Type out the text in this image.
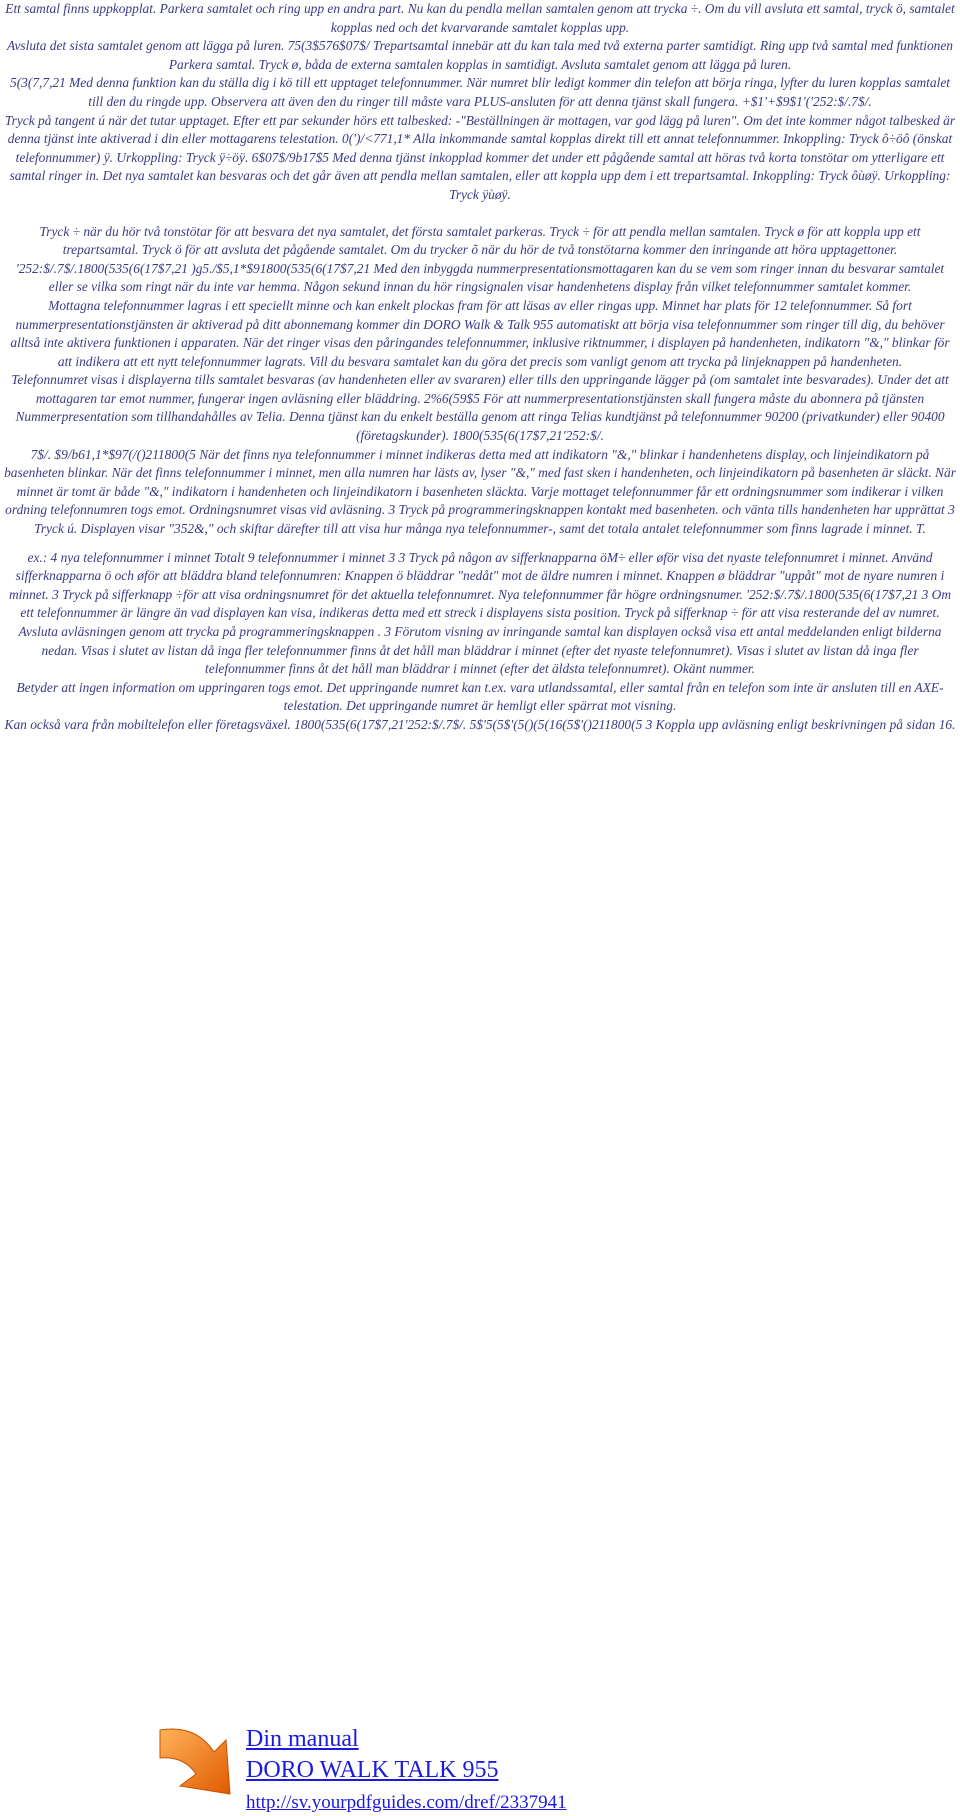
Ett samtal finns uppkopplat. Parkera samtalet och ring upp en andra part. Nu kan du pendla mellan samtalen genom att trycka ÷. Om du vill avsluta ett samtal, tryck ö, samtalet kopplas ned och det kvarvarande samtalet kopplas upp.
Avsluta det sista samtalet genom att lägga på luren. 75(3$576$07$/ Trepartsamtal innebär att du kan tala med två externa parter samtidigt. Ring upp två samtal med funktionen Parkera samtal. Tryck ø, båda de externa samtalen kopplas in samtidigt. Avsluta samtalet genom att lägga på luren.
5(3(7,7,21 Med denna funktion kan du ställa dig i kö till ett upptaget telefonnummer. När numret blir ledigt kommer din telefon att börja ringa, lyfter du luren kopplas samtalet till den du ringde upp. Observera att även den du ringer till måste vara PLUS-ansluten för att denna tjänst skall fungera. +$1'+$9$1'('252:$/.7$/.
Tryck på tangent ú när det tutar upptaget. Efter ett par sekunder hörs ett talbesked: -"Beställningen är mottagen, var god lägg på luren". Om det inte kommer något talbesked är denna tjänst inte aktiverad i din eller mottagarens telestation. 0(')/<771,1* Alla inkommande samtal kopplas direkt till ett annat telefonnummer. Inkoppling: Tryck ô÷öô (önskat telefonnummer) ÿ. Urkoppling: Tryck ÿ÷öÿ. 6$07$/9b17$5 Med denna tjänst inkopplad kommer det under ett pågående samtal att höras två korta tonstötar om ytterligare ett samtal ringer in. Det nya samtalet kan besvaras och det går även att pendla mellan samtalen, eller att koppla upp dem i ett trepartsamtal. Inkoppling: Tryck ôùøÿ. Urkoppling: Tryck ÿùøÿ.
Tryck ÷ när du hör två tonstötar för att besvara det nya samtalet, det första samtalet parkeras. Tryck ÷ för att pendla mellan samtalen. Tryck ø för att koppla upp ett trepartsamtal. Tryck ö för att avsluta det pågående samtalet. Om du trycker õ när du hör de två tonstötarna kommer den inringande att höra upptagettoner. '252:$/.7$/.1800(535(6(17$7,21 )g5./$5,1*$91800(535(6(17$7,21 Med den inbyggda nummerpresentationsmottagaren kan du se vem som ringer innan du besvarar samtalet eller se vilka som ringt när du inte var hemma. Någon sekund innan du hör ringsignalen visar handenhetens display från vilket telefonnummer samtalet kommer.
Mottagna telefonnummer lagras i ett speciellt minne och kan enkelt plockas fram för att läsas av eller ringas upp. Minnet har plats för 12 telefonnummer. Så fort nummerpresentationstjänsten är aktiverad på ditt abonnemang kommer din DORO Walk & Talk 955 automatiskt att börja visa telefonnummer som ringer till dig, du behöver alltså inte aktivera funktionen i apparaten. När det ringer visas den påringandes telefonnummer, inklusive riktnummer, i displayen på handenheten, indikatorn "&," blinkar för att indikera att ett nytt telefonnummer lagrats. Vill du besvara samtalet kan du göra det precis som vanligt genom att trycka på linjeknappen på handenheten.
Telefonnumret visas i displayerna tills samtalet besvaras (av handenheten eller av svararen) eller tills den uppringande lägger på (om samtalet inte besvarades). Under det att mottagaren tar emot nummer, fungerar ingen avläsning eller bläddring. 2%6(59$5 För att nummerpresentationstjänsten skall fungera måste du abonnera på tjänsten Nummerpresentation som tillhandahålles av Telia. Denna tjänst kan du enkelt beställa genom att ringa Telias kundtjänst på telefonnummer 90200 (privatkunder) eller 90400 (företagskunder). 1800(535(6(17$7,21'252:$/.
7$/. $9/b61,1*$97(/()211800(5 När det finns nya telefonnummer i minnet indikeras detta med att indikatorn "&," blinkar i handenhetens display, och linjeindikatorn på basenheten blinkar. När det finns telefonnummer i minnet, men alla numren har lästs av, lyser "&," med fast sken i handenheten, och linjeindikatorn på basenheten är släckt. När minnet är tomt är både "&," indikatorn i handenheten och linjeindikatorn i basenheten släckta. Varje mottaget telefonnummer får ett ordningsnummer som indikerar i vilken ordning telefonnumren togs emot. Ordningsnumret visas vid avläsning. 3 Tryck på programmeringsknappen kontakt med basenheten. och vänta tills handenheten har upprättat 3 Tryck ú. Displayen visar "352&," och skiftar därefter till att visa hur många nya telefonnummer-, samt det totala antalet telefonnummer som finns lagrade i minnet. T.
ex.: 4 nya telefonnummer i minnet Totalt 9 telefonnummer i minnet 3 3 Tryck på någon av sifferknapparna öM÷ eller øför visa det nyaste telefonnumret i minnet. Använd sifferknapparna ö och øför att bläddra bland telefonnumren: Knappen ö bläddrar "nedåt" mot de äldre numren i minnet. Knappen ø bläddrar "uppåt" mot de nyare numren i minnet. 3 Tryck på sifferknapp ÷för att visa ordningsnumret för det aktuella telefonnumret. Nya telefonnummer får högre ordningsnumer. '252:$/.7$/.1800(535(6(17$7,21 3 Om ett telefonnummer är längre än vad displayen kan visa, indikeras detta med ett streck i displayens sista position. Tryck på sifferknap ÷ för att visa resterande del av numret.
Avsluta avläsningen genom att trycka på programmeringsknappen . 3 Förutom visning av inringande samtal kan displayen också visa ett antal meddelanden enligt bilderna nedan. Visas i slutet av listan då inga fler telefonnummer finns åt det håll man bläddrar i minnet (efter det nyaste telefonnumret). Visas i slutet av listan då inga fler telefonnummer finns åt det håll man bläddrar i minnet (efter det äldsta telefonnumret). Okänt nummer.
Betyder att ingen information om uppringaren togs emot. Det uppringande numret kan t.ex. vara utlandssamtal, eller samtal från en telefon som inte är ansluten till en AXE-telestation. Det uppringande numret är hemligt eller spärrat mot visning.
Kan också vara från mobiltelefon eller företagsväxel. 1800(535(6(17$7,21'252:$/.7$/. 5$'5(5$'(5()(5(16(5$'()211800(5 3 Koppla upp avläsning enligt beskrivningen på sidan 16.
Din manual
DORO WALK TALK 955
http://sv.yourpdfguides.com/dref/2337941
